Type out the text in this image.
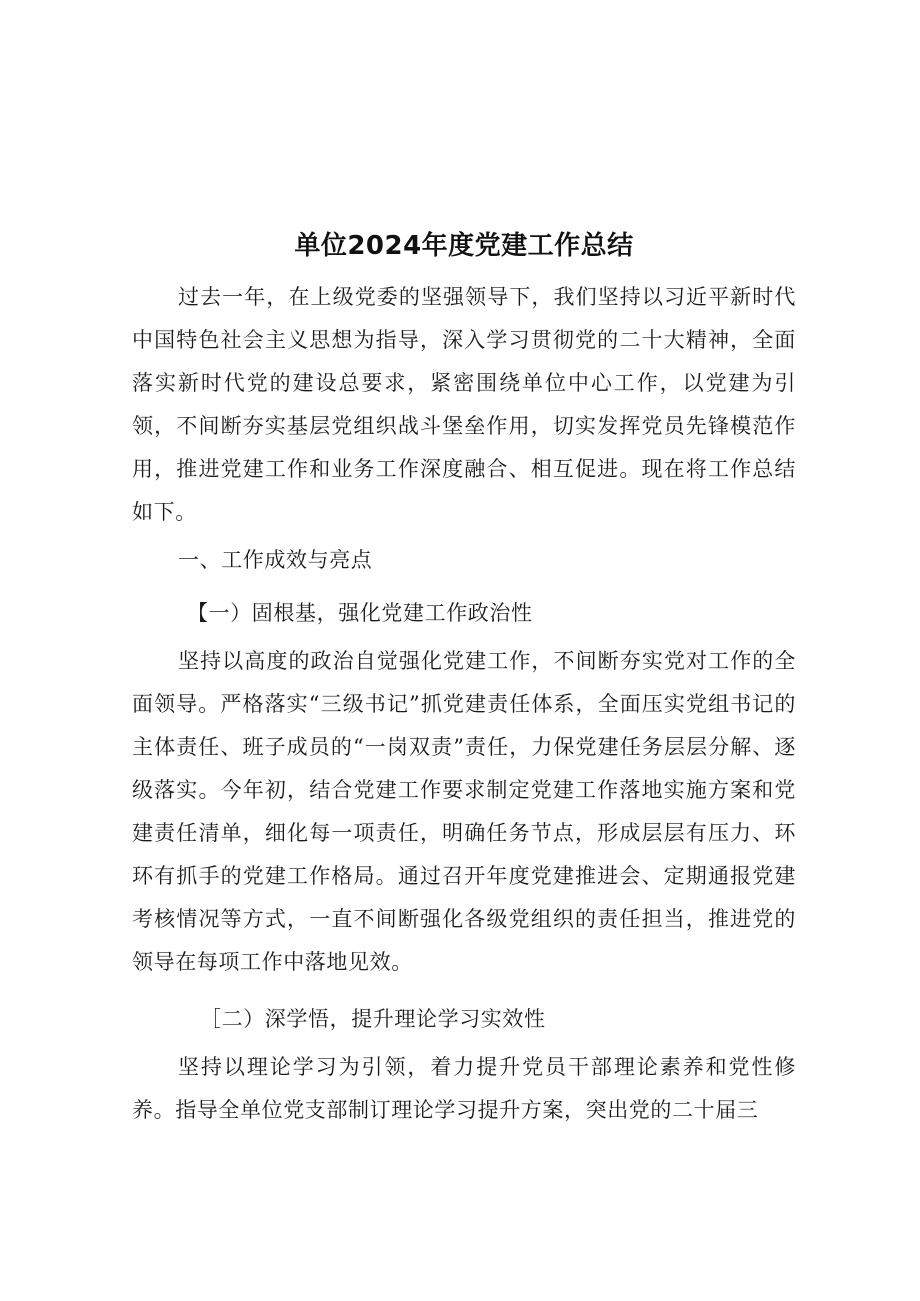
单位2024年度党建工作总结

过去一年，在上级党委的坚强领导下，我们坚持以习近平新时代中国特色社会主义思想为指导，深入学习贯彻党的二十大精神，全面落实新时代党的建设总要求，紧密围绕单位中心工作，以党建为引领，不间断夯实基层党组织战斗堡垒作用，切实发挥党员先锋模范作用，推进党建工作和业务工作深度融合、相互促进。现在将工作总结如下。

一、工作成效与亮点

【一）固根基，强化党建工作政治性

坚持以高度的政治自觉强化党建工作，不间断夯实党对工作的全面领导。严格落实“三级书记”抓党建责任体系，全面压实党组书记的主体责任、班子成员的“一岗双责”责任，力保党建任务层层分解、逐级落实。今年初，结合党建工作要求制定党建工作落地实施方案和党建责任清单，细化每一项责任，明确任务节点，形成层层有压力、环环有抓手的党建工作格局。通过召开年度党建推进会、定期通报党建考核情况等方式，一直不间断强化各级党组织的责任担当，推进党的领导在每项工作中落地见效。

［二）深学悟，提升理论学习实效性

坚持以理论学习为引领，着力提升党员干部理论素养和党性修养。指导全单位党支部制订理论学习提升方案，突出党的二十届三
